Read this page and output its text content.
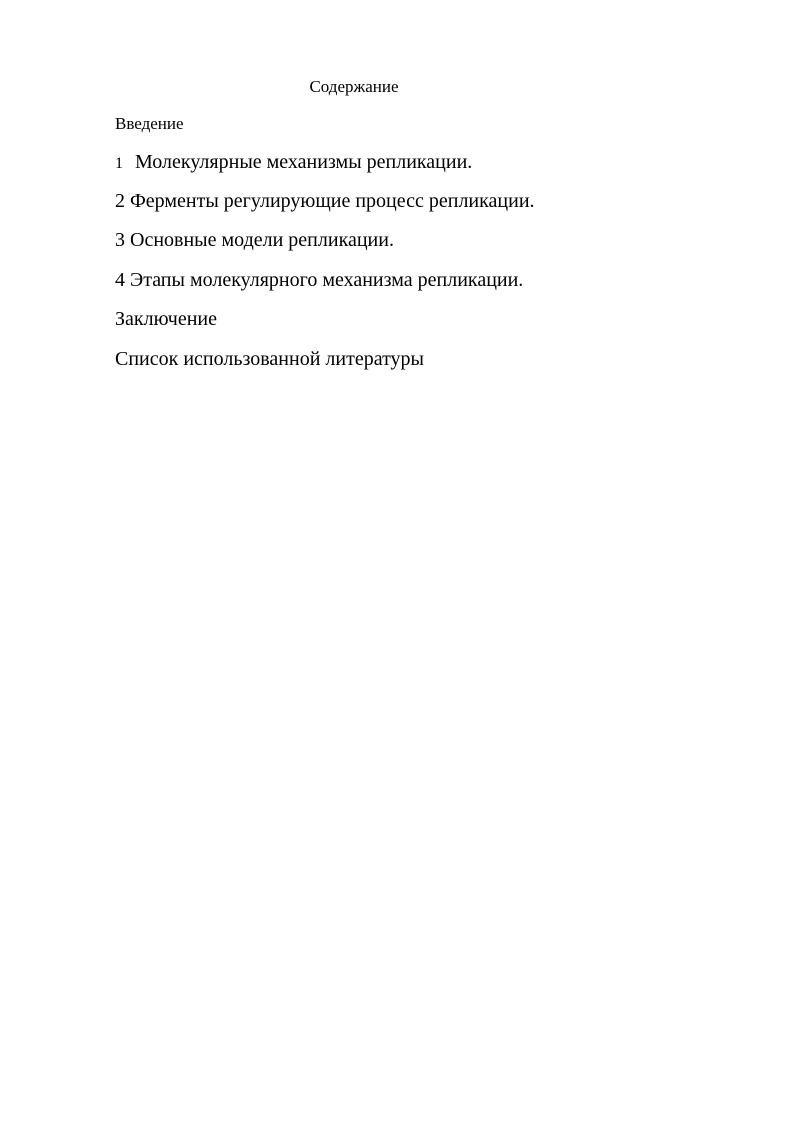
Содержание
Введение
1 Молекулярные механизмы репликации.
2 Ферменты регулирующие процесс репликации.
3 Основные модели репликации.
4 Этапы молекулярного механизма репликации.
Заключение
Список использованной литературы
